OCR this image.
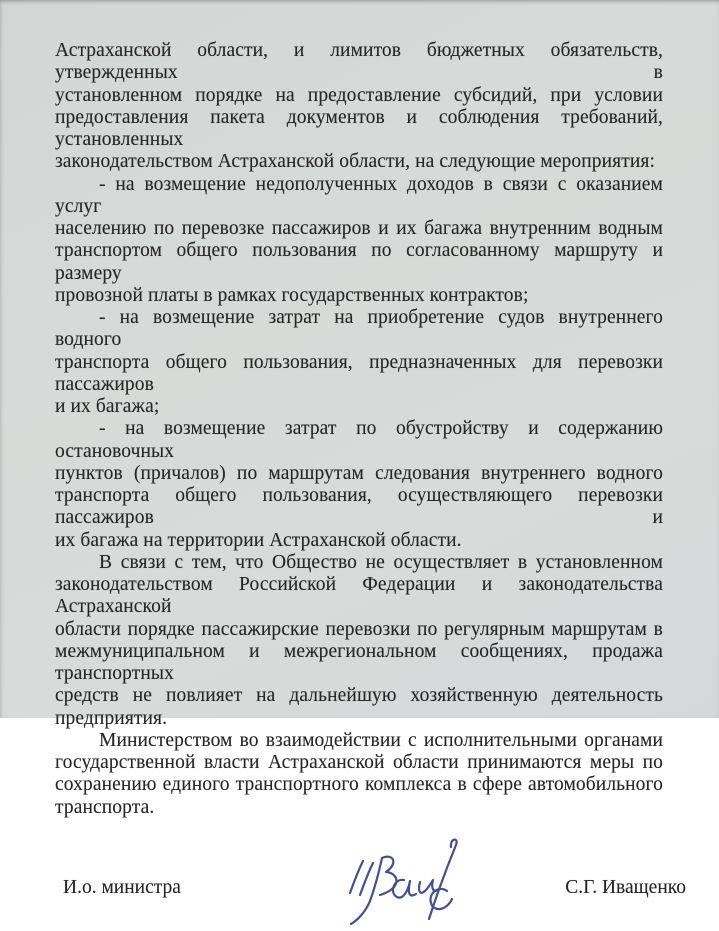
Астраханской области, и лимитов бюджетных обязательств, утвержденных в
установленном порядке на предоставление субсидий, при условии
предоставления пакета документов и соблюдения требований, установленных
законодательством Астраханской области, на следующие мероприятия:
- на возмещение недополученных доходов в связи с оказанием услуг
населению по перевозке пассажиров и их багажа внутренним водным
транспортом общего пользования по согласованному маршруту и размеру
провозной платы в рамках государственных контрактов;
- на возмещение затрат на приобретение судов внутреннего водного
транспорта общего пользования, предназначенных для перевозки пассажиров
и их багажа;
- на возмещение затрат по обустройству и содержанию остановочных
пунктов (причалов) по маршрутам следования внутреннего водного
транспорта общего пользования, осуществляющего перевозки пассажиров и
их багажа на территории Астраханской области.
В связи с тем, что Общество не осуществляет в установленном
законодательством Российской Федерации и законодательства Астраханской
области порядке пассажирские перевозки по регулярным маршрутам в
межмуниципальном и межрегиональном сообщениях, продажа транспортных
средств не повлияет на дальнейшую хозяйственную деятельность
предприятия.
Министерством во взаимодействии с исполнительными органами
государственной власти Астраханской области принимаются меры по
сохранению единого транспортного комплекса в сфере автомобильного
транспорта.
И.о. министра	С.Г. Иващенко
